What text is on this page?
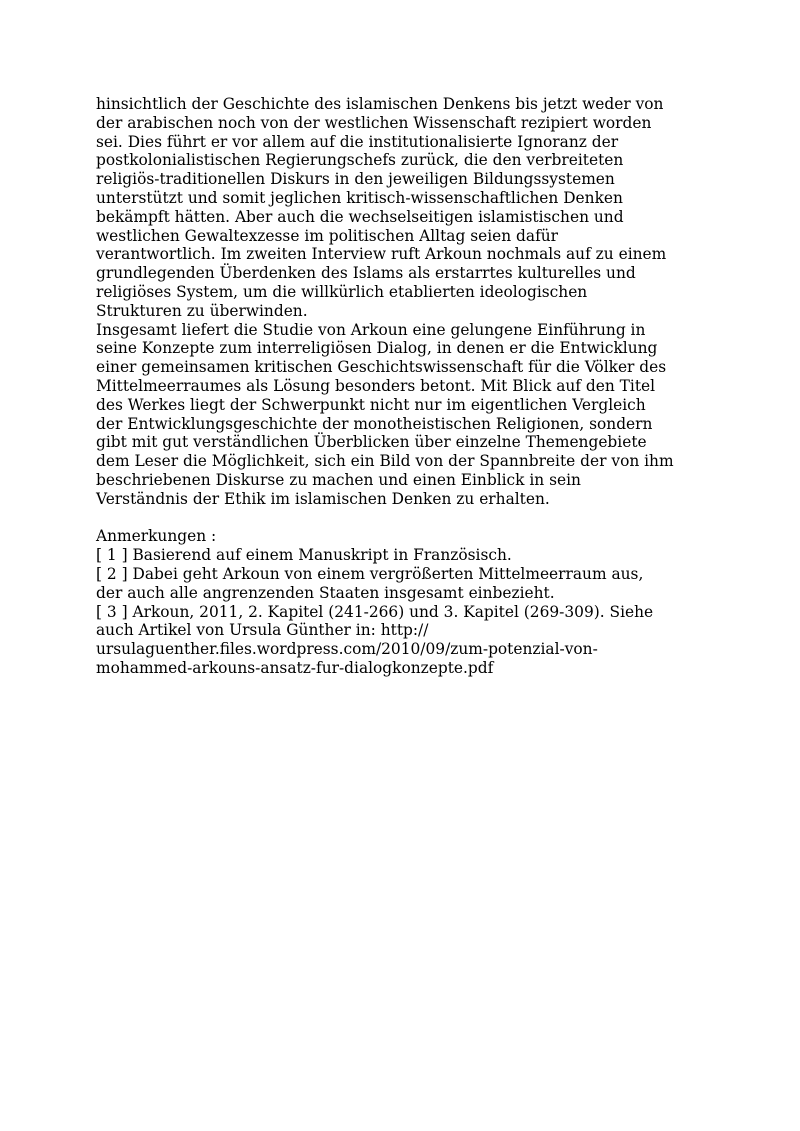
hinsichtlich der Geschichte des islamischen Denkens bis jetzt weder von
der arabischen noch von der westlichen Wissenschaft rezipiert worden
sei. Dies führt er vor allem auf die institutionalisierte Ignoranz der
postkolonialistischen Regierungschefs zurück, die den verbreiteten
religiös-traditionellen Diskurs in den jeweiligen Bildungssystemen
unterstützt und somit jeglichen kritisch-wissenschaftlichen Denken
bekämpft hätten. Aber auch die wechselseitigen islamistischen und
westlichen Gewaltexzesse im politischen Alltag seien dafür
verantwortlich. Im zweiten Interview ruft Arkoun nochmals auf zu einem
grundlegenden Überdenken des Islams als erstarrtes kulturelles und
religiöses System, um die willkürlich etablierten ideologischen
Strukturen zu überwinden.

Insgesamt liefert die Studie von Arkoun eine gelungene Einführung in
seine Konzepte zum interreligiösen Dialog, in denen er die Entwicklung
einer gemeinsamen kritischen Geschichtswissenschaft für die Völker des
Mittelmeerraumes als Lösung besonders betont. Mit Blick auf den Titel
des Werkes liegt der Schwerpunkt nicht nur im eigentlichen Vergleich
der Entwicklungsgeschichte der monotheistischen Religionen, sondern
gibt mit gut verständlichen Überblicken über einzelne Themengebiete
dem Leser die Möglichkeit, sich ein Bild von der Spannbreite der von ihm
beschriebenen Diskurse zu machen und einen Einblick in sein
Verständnis der Ethik im islamischen Denken zu erhalten.

Anmerkungen :

[ 1 ] Basierend auf einem Manuskript in Französisch.

[ 2 ] Dabei geht Arkoun von einem vergrößerten Mittelmeerraum aus,
der auch alle angrenzenden Staaten insgesamt einbezieht.

[ 3 ] Arkoun, 2011, 2. Kapitel (241-266) und 3. Kapitel (269-309). Siehe
auch Artikel von Ursula Günther in: http://
ursulaguenther.files.wordpress.com/2010/09/zum-potenzial-von-
mohammed-arkouns-ansatz-fur-dialogkonzepte.pdf
